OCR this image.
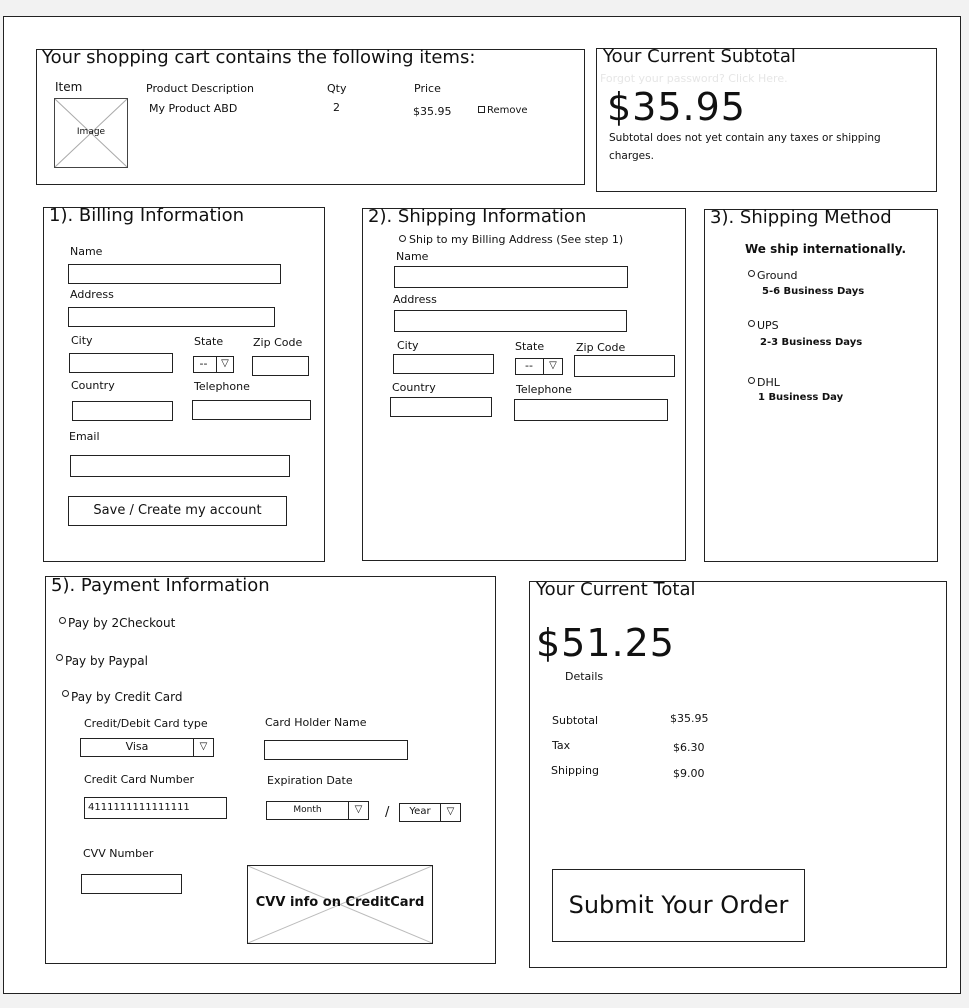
Your shopping cart contains the following items:
Item	Product Description	Qty	Price
Image
My Product ABD	2	$35.95	Remove
Your Current Subtotal
Forgot your password? Click Here.
$35.95
Subtotal does not yet contain any taxes or shipping charges.
1). Billing Information
Name
Address
City	State
--	▽
Zip Code
Country	Telephone
Email
Save / Create my account
2). Shipping Information
Ship to my Billing Address (See step 1)
Name
Address
City	State
--	▽
Zip Code
Country	Telephone
3). Shipping Method
We ship internationally.
Ground
5-6 Business Days
UPS
2-3 Business Days
DHL
1 Business Day
5). Payment Information
Pay by 2Checkout
Pay by Paypal
Pay by Credit Card
Credit/Debit Card type
Visa	▽
Card Holder Name
Credit Card Number
4111111111111111
Expiration Date
Month	▽	/	Year	▽
CVV Number
CVV info on CreditCard
Your Current Total
$51.25
Details
Subtotal	$35.95
Tax	$6.30
Shipping	$9.00
Submit Your Order
